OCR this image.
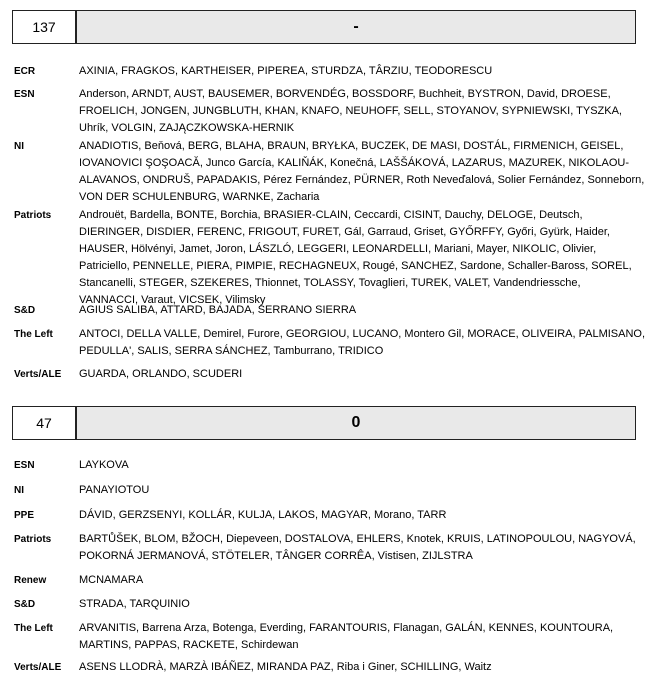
137	-
ECR	AXINIA, FRAGKOS, KARTHEISER, PIPEREA, STURDZA, TÂRZIU, TEODORESCU
ESN	Anderson, ARNDT, AUST, BAUSEMER, BORVENDÉG, BOSSDORF, Buchheit, BYSTRON, David, DROESE,
FROELICH, JONGEN, JUNGBLUTH, KHAN, KNAFO, NEUHOFF, SELL, STOYANOV, SYPNIEWSKI, TYSZKA,
Uhrík, VOLGIN, ZAJĄCZKOWSKA-HERNIK
NI	ANADIOTIS, Beňová, BERG, BLAHA, BRAUN, BRYŁKA, BUCZEK, DE MASI, DOSTÁL, FIRMENICH, GEISEL,
IOVANOVICI ŞOŞOACĂ, Junco García, KALIŇÁK, Konečná, LAŠŠÁKOVÁ, LAZARUS, MAZUREK, NIKOLAOU-
ALAVANOS, ONDRUŠ, PAPADAKIS, Pérez Fernández, PÜRNER, Roth Neveďalová, Solier Fernández, Sonneborn,
VON DER SCHULENBURG, WARNKE, Zacharia
Patriots	Androuët, Bardella, BONTE, Borchia, BRASIER-CLAIN, Ceccardi, CISINT, Dauchy, DELOGE, Deutsch,
DIERINGER, DISDIER, FERENC, FRIGOUT, FURET, Gál, Garraud, Griset, GYŐRFFY, Győri, Gyürk, Haider,
HAUSER, Hölvényi, Jamet, Joron, LÁSZLÓ, LEGGERI, LEONARDELLI, Mariani, Mayer, NIKOLIC, Olivier,
Patriciello, PENNELLE, PIERA, PIMPIE, RECHAGNEUX, Rougé, SANCHEZ, Sardone, Schaller-Baross, SOREL,
Stancanelli, STEGER, SZEKERES, Thionnet, TOLASSY, Tovaglieri, TUREK, VALET, Vandendriessche,
VANNACCI, Varaut, VICSEK, Vilimsky
S&D	AGIUS SALIBA, ATTARD, BAJADA, SERRANO SIERRA
The Left	ANTOCI, DELLA VALLE, Demirel, Furore, GEORGIOU, LUCANO, Montero Gil, MORACE, OLIVEIRA, PALMISANO,
PEDULLA', SALIS, SERRA SÁNCHEZ, Tamburrano, TRIDICO
Verts/ALE	GUARDA, ORLANDO, SCUDERI
47	0
ESN	LAYKOVA
NI	PANAYIOTOU
PPE	DÁVID, GERZSENYI, KOLLÁR, KULJA, LAKOS, MAGYAR, Morano, TARR
Patriots	BARTŮŠEK, BLOM, BŽOCH, Diepeveen, DOSTALOVA, EHLERS, Knotek, KRUIS, LATINOPOULOU, NAGYOVÁ,
POKORNÁ JERMANOVÁ, STÖTELER, TÂNGER CORRÊA, Vistisen, ZIJLSTRA
Renew	MCNAMARA
S&D	STRADA, TARQUINIO
The Left	ARVANITIS, Barrena Arza, Botenga, Everding, FARANTOURIS, Flanagan, GALÁN, KENNES, KOUNTOURA,
MARTINS, PAPPAS, RACKETE, Schirdewan
Verts/ALE	ASENS LLODRÀ, MARZÀ IBÁÑEZ, MIRANDA PAZ, Riba i Giner, SCHILLING, Waitz
